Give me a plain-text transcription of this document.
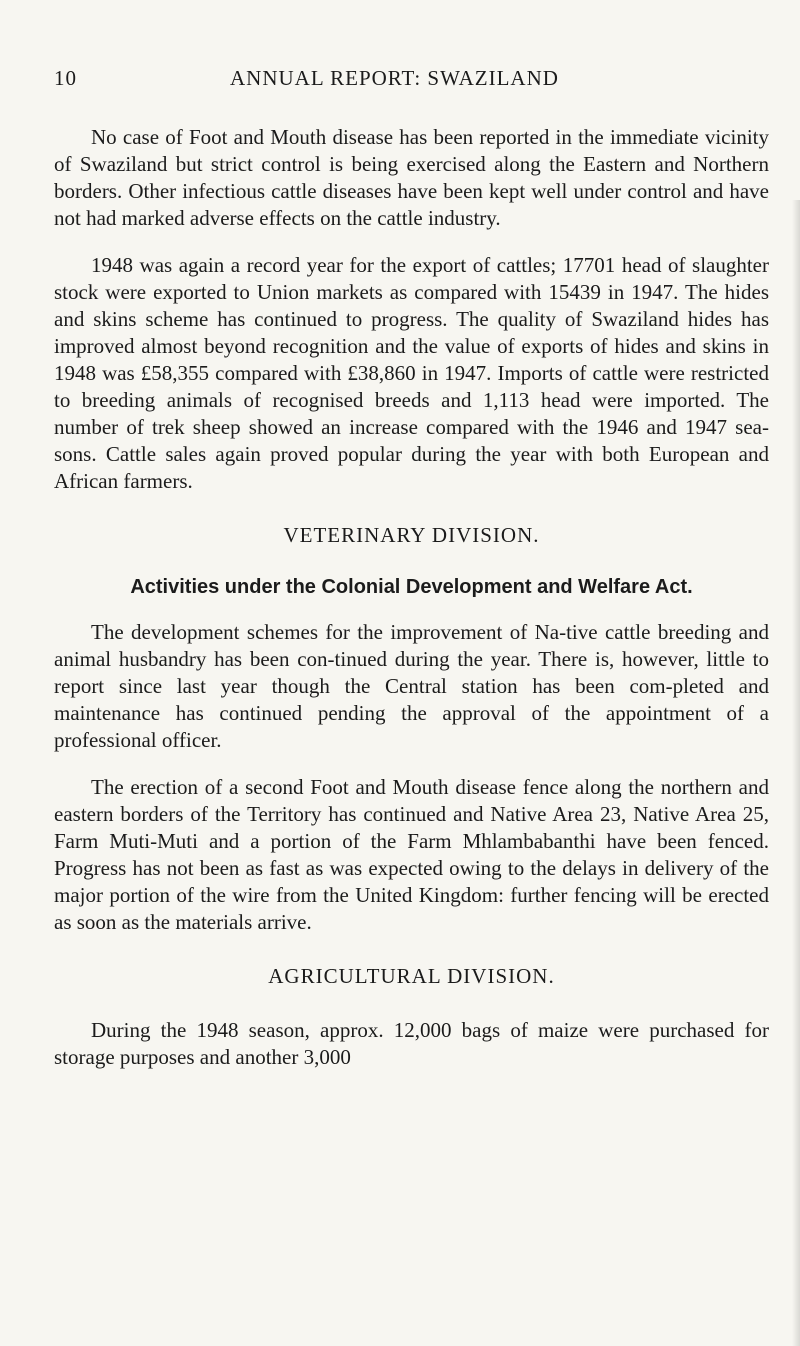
10	ANNUAL REPORT: SWAZILAND

No case of Foot and Mouth disease has been reported in the immediate vicinity of Swaziland but strict control is being exercised along the Eastern and Northern borders. Other infectious cattle diseases have been kept well under control and have not had marked adverse effects on the cattle industry.

1948 was again a record year for the export of cattles; 17701 head of slaughter stock were exported to Union markets as compared with 15439 in 1947. The hides and skins scheme has continued to progress. The quality of Swaziland hides has improved almost beyond recognition and the value of exports of hides and skins in 1948 was £58,355 compared with £38,860 in 1947. Imports of cattle were restricted to breeding animals of recognised breeds and 1,113 head were imported. The number of trek sheep showed an increase compared with the 1946 and 1947 sea-sons. Cattle sales again proved popular during the year with both European and African farmers.

VETERINARY DIVISION.
Activities under the Colonial Development and Welfare Act.

The development schemes for the improvement of Na-tive cattle breeding and animal husbandry has been con-tinued during the year. There is, however, little to report since last year though the Central station has been com-pleted and maintenance has continued pending the approval of the appointment of a professional officer.

The erection of a second Foot and Mouth disease fence along the northern and eastern borders of the Territory has continued and Native Area 23, Native Area 25, Farm Muti-Muti and a portion of the Farm Mhlambabanthi have been fenced. Progress has not been as fast as was expected owing to the delays in delivery of the major portion of the wire from the United Kingdom: further fencing will be erected as soon as the materials arrive.

AGRICULTURAL DIVISION.

During the 1948 season, approx. 12,000 bags of maize were purchased for storage purposes and another 3,000
